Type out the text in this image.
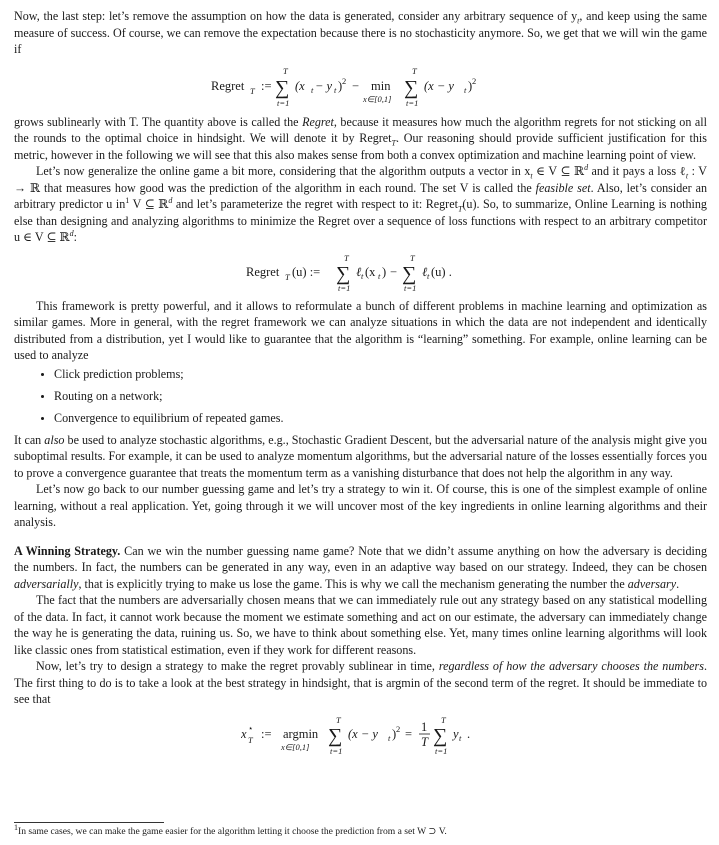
Now, the last step: let’s remove the assumption on how the data is generated, consider any arbitrary sequence of $y_t$, and keep using the same measure of success. Of course, we can remove the expectation because there is no stochasticity anymore. So, we get that we will win the game if

Regret T :=
T
∑
t=1
(x t − y t ) 2 − min
x∈[0,1]
T
∑
t=1
(x − y t ) 2

grows sublinearly with T. The quantity above is called the Regret, because it measures how much the algorithm regrets for not sticking on all the rounds to the optimal choice in hindsight. We will denote it by Regret$_T$. Our reasoning should provide sufficient justification for this metric, however in the following we will see that this also makes sense from both a convex optimization and machine learning point of view.

Let’s now generalize the online game a bit more, considering that the algorithm outputs a vector in $x_t$ ∈ V ⊆ ℝ$^d$ and it pays a loss ℓ$_t$ : V → ℝ that measures how good was the prediction of the algorithm in each round. The set V is called the feasible set. Also, let’s consider an arbitrary predictor u $in^1$ V ⊆ ℝ$^d$ and let’s parameterize the regret with respect to it: Regret$_T$(u). So, to summarize, Online Learning is nothing else than designing and analyzing algorithms to minimize the Regret over a sequence of loss functions with respect to an arbitrary competitor u ∈ V ⊆ ℝ$^d$:

Regret T (u) :=
T
∑
t=1
ℓ t (x t ) −
T
∑
t=1
ℓ t (u) .

This framework is pretty powerful, and it allows to reformulate a bunch of different problems in machine learning and optimization as similar games. More in general, with the regret framework we can analyze situations in which the data are not independent and identically distributed from a distribution, yet I would like to guarantee that the algorithm is “learning” something. For example, online learning can be used to analyze

• Click prediction problems;
• Routing on a network;
• Convergence to equilibrium of repeated games.

It can also be used to analyze stochastic algorithms, e.g., Stochastic Gradient Descent, but the adversarial nature of the analysis might give you suboptimal results. For example, it can be used to analyze momentum algorithms, but the adversarial nature of the losses essentially forces you to prove a convergence guarantee that treats the momentum term as a vanishing disturbance that does not help the algorithm in any way.

Let’s now go back to our number guessing game and let’s try a strategy to win it. Of course, this is one of the simplest example of online learning, without a real application. Yet, going through it we will uncover most of the key ingredients in online learning algorithms and their analysis.

A Winning Strategy. Can we win the number guessing name game? Note that we didn’t assume anything on how the adversary is deciding the numbers. In fact, the numbers can be generated in any way, even in an adaptive way based on our strategy. Indeed, they can be chosen adversarially, that is explicitly trying to make us lose the game. This is why we call the mechanism generating the number the adversary.

The fact that the numbers are adversarially chosen means that we can immediately rule out any strategy based on any statistical modelling of the data. In fact, it cannot work because the moment we estimate something and act on our estimate, the adversary can immediately change the way he is generating the data, ruining us. So, we have to think about something else. Yet, many times online learning algorithms will look like classic ones from statistical estimation, even if they work for different reasons.

Now, let’s try to design a strategy to make the regret provably sublinear in time, regardless of how the adversary chooses the numbers. The first thing to do is to take a look at the best strategy in hindsight, that is argmin of the second term of the regret. It should be immediate to see that

x ⋆
T := argmin
x∈[0,1]
T
∑
t=1
(x − y t ) 2 = 1
T
T
∑
t=1
y t .
$^1$In same cases, we can make the game easier for the algorithm letting it choose the prediction from a set W ⊃ V.
